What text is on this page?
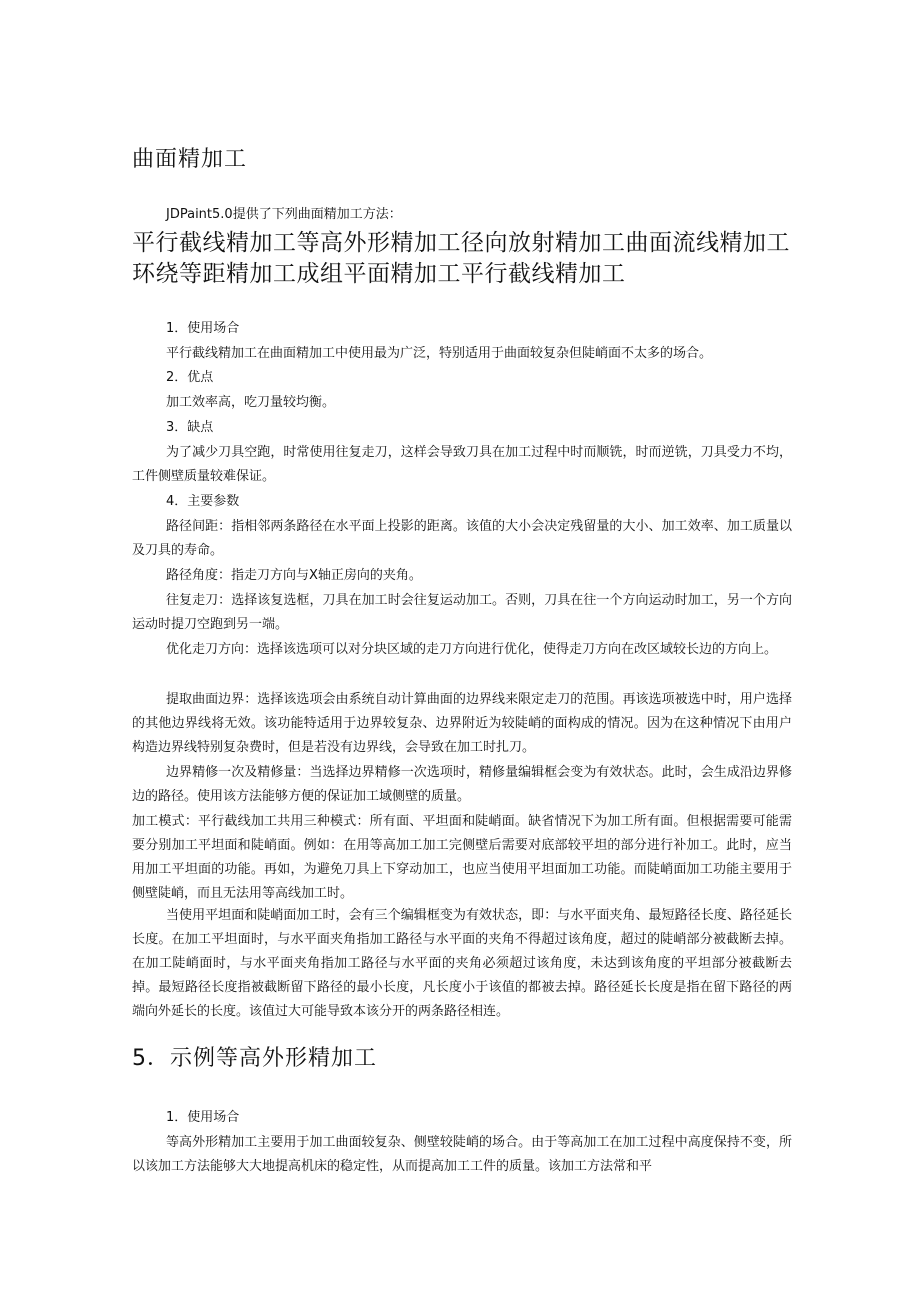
曲面精加工
JDPaint5.0提供了下列曲面精加工方法：
平行截线精加工等高外形精加工径向放射精加工曲面流线精加工环绕等距精加工成组平面精加工平行截线精加工

1．使用场合

平行截线精加工在曲面精加工中使用最为广泛，特别适用于曲面较复杂但陡峭面不太多的场合。

2．优点

加工效率高，吃刀量较均衡。

3．缺点

为了减少刀具空跑，时常使用往复走刀，这样会导致刀具在加工过程中时而顺铣，时而逆铣，刀具受力不均，工件侧壁质量较难保证。

4．主要参数

路径间距：指相邻两条路径在水平面上投影的距离。该值的大小会决定残留量的大小、加工效率、加工质量以及刀具的寿命。

路径角度：指走刀方向与X轴正房向的夹角。

往复走刀：选择该复选框，刀具在加工时会往复运动加工。否则，刀具在往一个方向运动时加工，另一个方向运动时提刀空跑到另一端。

优化走刀方向：选择该选项可以对分块区域的走刀方向进行优化，使得走刀方向在改区域较长边的方向上。

提取曲面边界：选择该选项会由系统自动计算曲面的边界线来限定走刀的范围。再该选项被选中时，用户选择的其他边界线将无效。该功能特适用于边界较复杂、边界附近为较陡峭的面构成的情况。因为在这种情况下由用户构造边界线特别复杂费时，但是若没有边界线，会导致在加工时扎刀。

边界精修一次及精修量：当选择边界精修一次选项时，精修量编辑框会变为有效状态。此时，会生成沿边界修边的路径。使用该方法能够方便的保证加工域侧壁的质量。

加工模式：平行截线加工共用三种模式：所有面、平坦面和陡峭面。缺省情况下为加工所有面。但根据需要可能需要分别加工平坦面和陡峭面。例如：在用等高加工加工完侧壁后需要对底部较平坦的部分进行补加工。此时，应当用加工平坦面的功能。再如，为避免刀具上下穿动加工，也应当使用平坦面加工功能。而陡峭面加工功能主要用于侧壁陡峭，而且无法用等高线加工时。

当使用平坦面和陡峭面加工时，会有三个编辑框变为有效状态，即：与水平面夹角、最短路径长度、路径延长长度。在加工平坦面时，与水平面夹角指加工路径与水平面的夹角不得超过该角度，超过的陡峭部分被截断去掉。在加工陡峭面时，与水平面夹角指加工路径与水平面的夹角必须超过该角度，未达到该角度的平坦部分被截断去掉。最短路径长度指被截断留下路径的最小长度，凡长度小于该值的都被去掉。路径延长长度是指在留下路径的两端向外延长的长度。该值过大可能导致本该分开的两条路径相连。

5．示例等高外形精加工

1．使用场合

等高外形精加工主要用于加工曲面较复杂、侧壁较陡峭的场合。由于等高加工在加工过程中高度保持不变，所以该加工方法能够大大地提高机床的稳定性，从而提高加工工件的质量。该加工方法常和平
